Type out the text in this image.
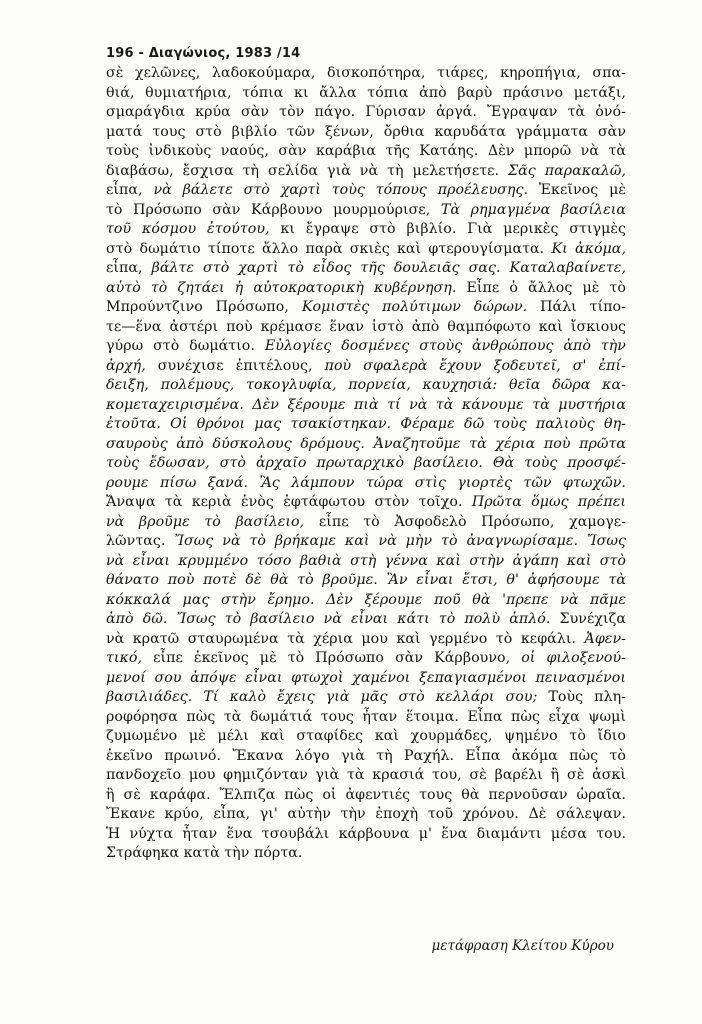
196 - Διαγώνιος, 1983 /14
σὲ χελῶνες, λαδοκούμαρα, δισκοπότηρα, τιάρες, κηροπήγια, σπα-
θιά, θυμιατήρια, τόπια κι ἄλλα τόπια ἀπὸ βαρὺ πράσινο μετάξι,
σμαράγδια κρύα σὰν τὸν πάγο. Γύρισαν ἀργά. Ἔγραψαν τὰ ὀνό-
ματά τους στὸ βιβλίο τῶν ξένων, ὄρθια καρυδάτα γράμματα σὰν
τοὺς ἰνδικοὺς ναούς, σὰν καράβια τῆς Κατάης. Δὲν μπορῶ νὰ τὰ
διαβάσω, ἔσχισα τὴ σελίδα γιὰ νὰ τὴ μελετήσετε. Σᾶς παρακαλῶ,
εἶπα, νὰ βάλετε στὸ χαρτὶ τοὺς τόπους προέλευσης. Ἐκεῖνος μὲ
τὸ Πρόσωπο σὰν Κάρβουνο μουρμούρισε, Τὰ ρημαγμένα βασίλεια
τοῦ κόσμου ἐτούτου, κι ἔγραψε στὸ βιβλίο. Γιὰ μερικὲς στιγμὲς
στὸ δωμάτιο τίποτε ἄλλο παρὰ σκιὲς καὶ φτερουγίσματα. Κι ἀκόμα,
εἶπα, βάλτε στὸ χαρτὶ τὸ εἶδος τῆς δουλειᾶς σας. Καταλαβαίνετε,
αὐτὸ τὸ ζητάει ἡ αὐτοκρατορικὴ κυβέρνηση. Εἶπε ὁ ἄλλος μὲ τὸ
Μπρούντζινο Πρόσωπο, Κομιστὲς πολύτιμων δώρων. Πάλι τίπο-
τε—ἕνα ἀστέρι ποὺ κρέμασε ἕναν ἱστὸ ἀπὸ θαμπόφωτο καὶ ἴσκιους
γύρω στὸ δωμάτιο. Εὐλογίες δοσμένες στοὺς ἀνθρώπους ἀπὸ τὴν
ἀρχή, συνέχισε ἐπιτέλους, ποὺ σφαλερὰ ἔχουν ξοδευτεῖ, σ' ἐπί-
δειξη, πολέμους, τοκογλυφία, πορνεία, καυχησιά: θεῖα δῶρα κα-
κομεταχειρισμένα. Δὲν ξέρουμε πιὰ τί νὰ τὰ κάνουμε τὰ μυστήρια
ἐτοῦτα. Οἱ θρόνοι μας τσακίστηκαν. Φέραμε δῶ τοὺς παλιοὺς θη-
σαυροὺς ἀπὸ δύσκολους δρόμους. Ἀναζητοῦμε τὰ χέρια ποὺ πρῶτα
τοὺς ἔδωσαν, στὸ ἀρχαῖο πρωταρχικὸ βασίλειο. Θὰ τοὺς προσφέ-
ρουμε πίσω ξανά. Ἂς λάμπουν τώρα στὶς γιορτὲς τῶν φτωχῶν.
Ἄναψα τὰ κεριὰ ἑνὸς ἑφτάφωτου στὸν τοῖχο. Πρῶτα ὅμως πρέπει
νὰ βροῦμε τὸ βασίλειο, εἶπε τὸ Ἀσφοδελὸ Πρόσωπο, χαμογε-
λῶντας. Ἴσως νὰ τὸ βρήκαμε καὶ νὰ μὴν τὸ ἀναγνωρίσαμε. Ἴσως
νὰ εἶναι κρυμμένο τόσο βαθιὰ στὴ γέννα καὶ στὴν ἀγάπη καὶ στὸ
θάνατο ποὺ ποτὲ δὲ θὰ τὸ βροῦμε. Ἂν εἶναι ἔτσι, θ' ἀφήσουμε τὰ
κόκκαλά μας στὴν ἔρημο. Δὲν ξέρουμε ποῦ θὰ 'πρεπε νὰ πᾶμε
ἀπὸ δῶ. Ἴσως τὸ βασίλειο νὰ εἶναι κάτι τὸ πολὺ ἁπλό. Συνέχιζα
νὰ κρατῶ σταυρωμένα τὰ χέρια μου καὶ γερμένο τὸ κεφάλι. Ἀφεν-
τικό, εἶπε ἐκεῖνος μὲ τὸ Πρόσωπο σὰν Κάρβουνο, οἱ φιλοξενού-
μενοί σου ἀπόψε εἶναι φτωχοὶ χαμένοι ξεπαγιασμένοι πεινασμένοι
βασιλιάδες. Τί καλὸ ἔχεις γιὰ μᾶς στὸ κελλάρι σου; Τοὺς πλη-
ροφόρησα πὼς τὰ δωμάτιά τους ἦταν ἕτοιμα. Εἶπα πὼς εἶχα ψωμὶ
ζυμωμένο μὲ μέλι καὶ σταφίδες καὶ χουρμάδες, ψημένο τὸ ἴδιο
ἐκεῖνο πρωινό. Ἔκανα λόγο γιὰ τὴ Ραχήλ. Εἶπα ἀκόμα πὼς τὸ
πανδοχεῖο μου φημιζόνταν γιὰ τὰ κρασιά του, σὲ βαρέλι ἢ σὲ ἀσκὶ
ἢ σὲ καράφα. Ἔλπιζα πὼς οἱ ἀφεντιές τους θὰ περνοῦσαν ὡραῖα.
Ἔκανε κρύο, εἶπα, γι' αὐτὴν τὴν ἐποχὴ τοῦ χρόνου. Δὲ σάλεψαν.
Ἡ νύχτα ἦταν ἕνα τσουβάλι κάρβουνα μ' ἕνα διαμάντι μέσα του.
Στράφηκα κατὰ τὴν πόρτα.
μετάφραση Κλείτου Κύρου
